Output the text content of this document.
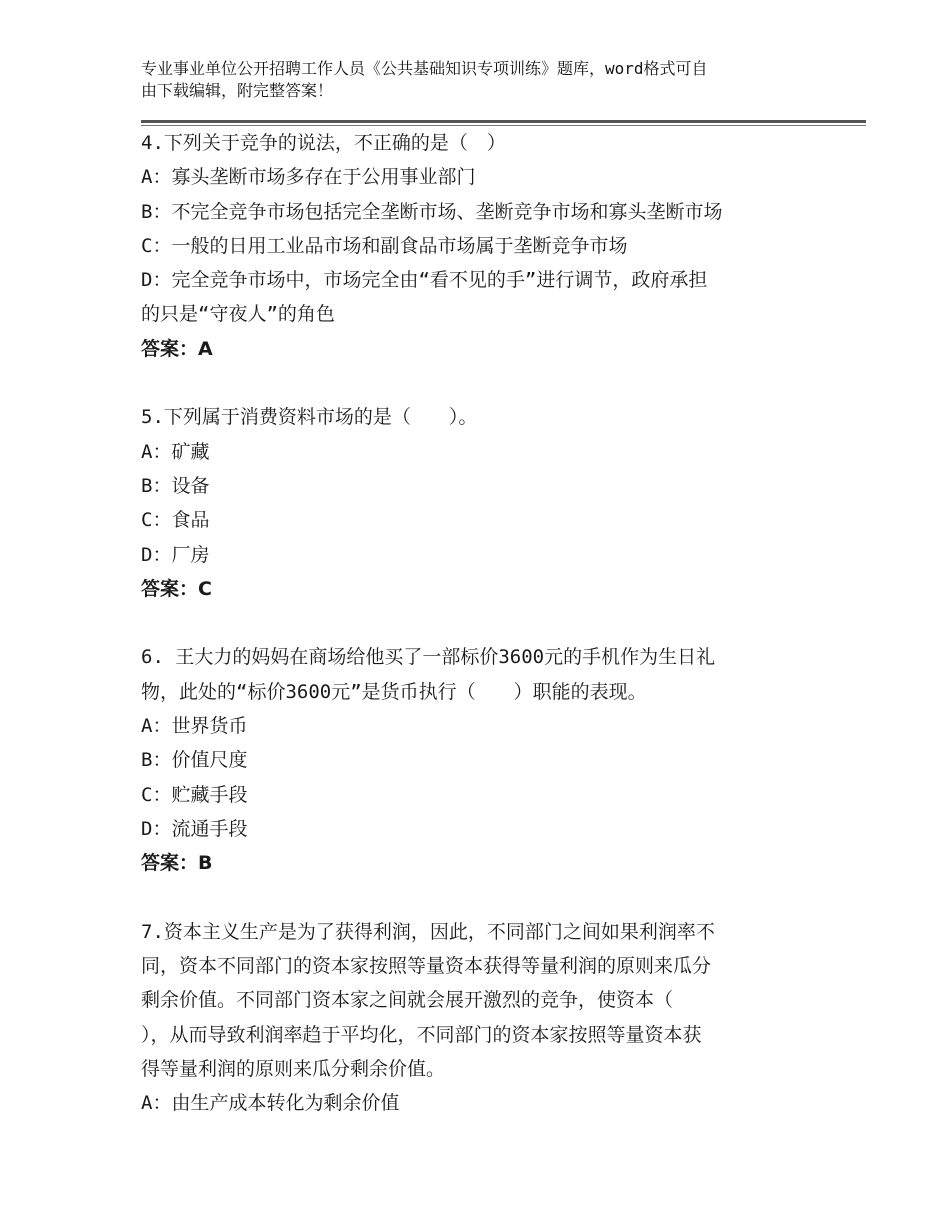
专业事业单位公开招聘工作人员《公共基础知识专项训练》题库，word格式可自
由下载编辑，附完整答案！
4.下列关于竞争的说法，不正确的是（　）
A：寡头垄断市场多存在于公用事业部门
B：不完全竞争市场包括完全垄断市场、垄断竞争市场和寡头垄断市场
C：一般的日用工业品市场和副食品市场属于垄断竞争市场
D：完全竞争市场中，市场完全由“看不见的手”进行调节，政府承担
的只是“守夜人”的角色
答案：A
5.下列属于消费资料市场的是（　　）。
A：矿藏
B：设备
C：食品
D：厂房
答案：C
6. 王大力的妈妈在商场给他买了一部标价3600元的手机作为生日礼
物，此处的“标价3600元”是货币执行（　　）职能的表现。
A：世界货币
B：价值尺度
C：贮藏手段
D：流通手段
答案：B
7.资本主义生产是为了获得利润，因此，不同部门之间如果利润率不
同，资本不同部门的资本家按照等量资本获得等量利润的原则来瓜分
剩余价值。不同部门资本家之间就会展开激烈的竞争，使资本（
），从而导致利润率趋于平均化，不同部门的资本家按照等量资本获
得等量利润的原则来瓜分剩余价值。
A：由生产成本转化为剩余价值
